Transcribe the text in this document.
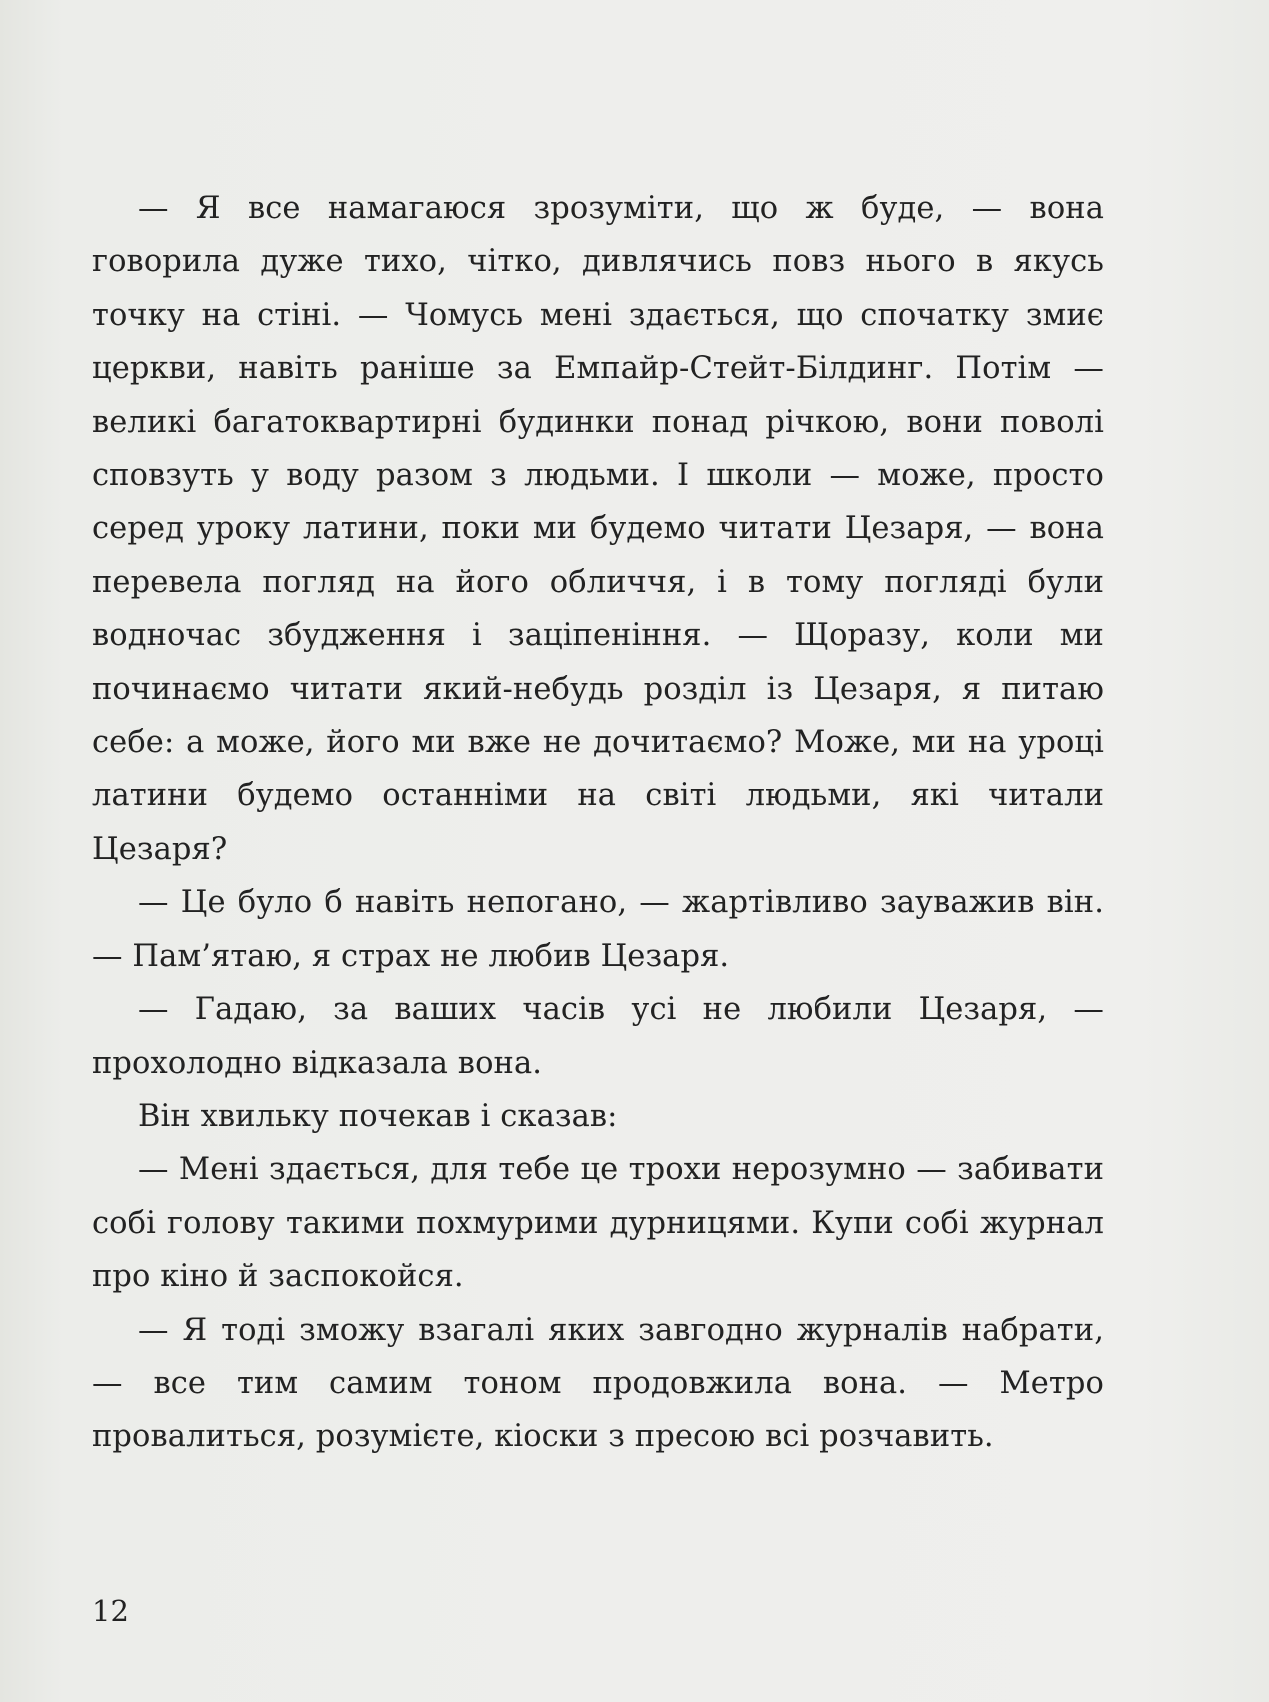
— Я все намагаюся зрозуміти, що ж буде, — вона говорила дуже тихо, чітко, дивлячись повз нього в якусь точку на стіні. — Чомусь мені здається, що спочатку змиє церкви, навіть раніше за Емпайр-Стейт-Білдинг. Потім — великі багатоквартирні будинки понад річкою, вони поволі сповзуть у воду разом з людьми. І школи — може, просто серед уроку латини, поки ми будемо читати Цезаря, — вона перевела погляд на його обличчя, і в тому погляді були водночас збудження і заціпеніння. — Щоразу, коли ми починаємо читати який-небудь розділ із Цезаря, я питаю себе: а може, його ми вже не дочитаємо? Може, ми на уроці латини будемо останніми на світі людьми, які читали Цезаря?

— Це було б навіть непогано, — жартівливо зауважив він. — Пам’ятаю, я страх не любив Цезаря.

— Гадаю, за ваших часів усі не любили Цезаря, — прохолодно відказала вона.

Він хвильку почекав і сказав:

— Мені здається, для тебе це трохи нерозумно — забивати собі голову такими похмурими дурницями. Купи собі журнал про кіно й заспокойся.

— Я тоді зможу взагалі яких завгодно журналів набрати, — все тим самим тоном продовжила вона. — Метро провалиться, розумієте, кіоски з пресою всі розчавить.

12
